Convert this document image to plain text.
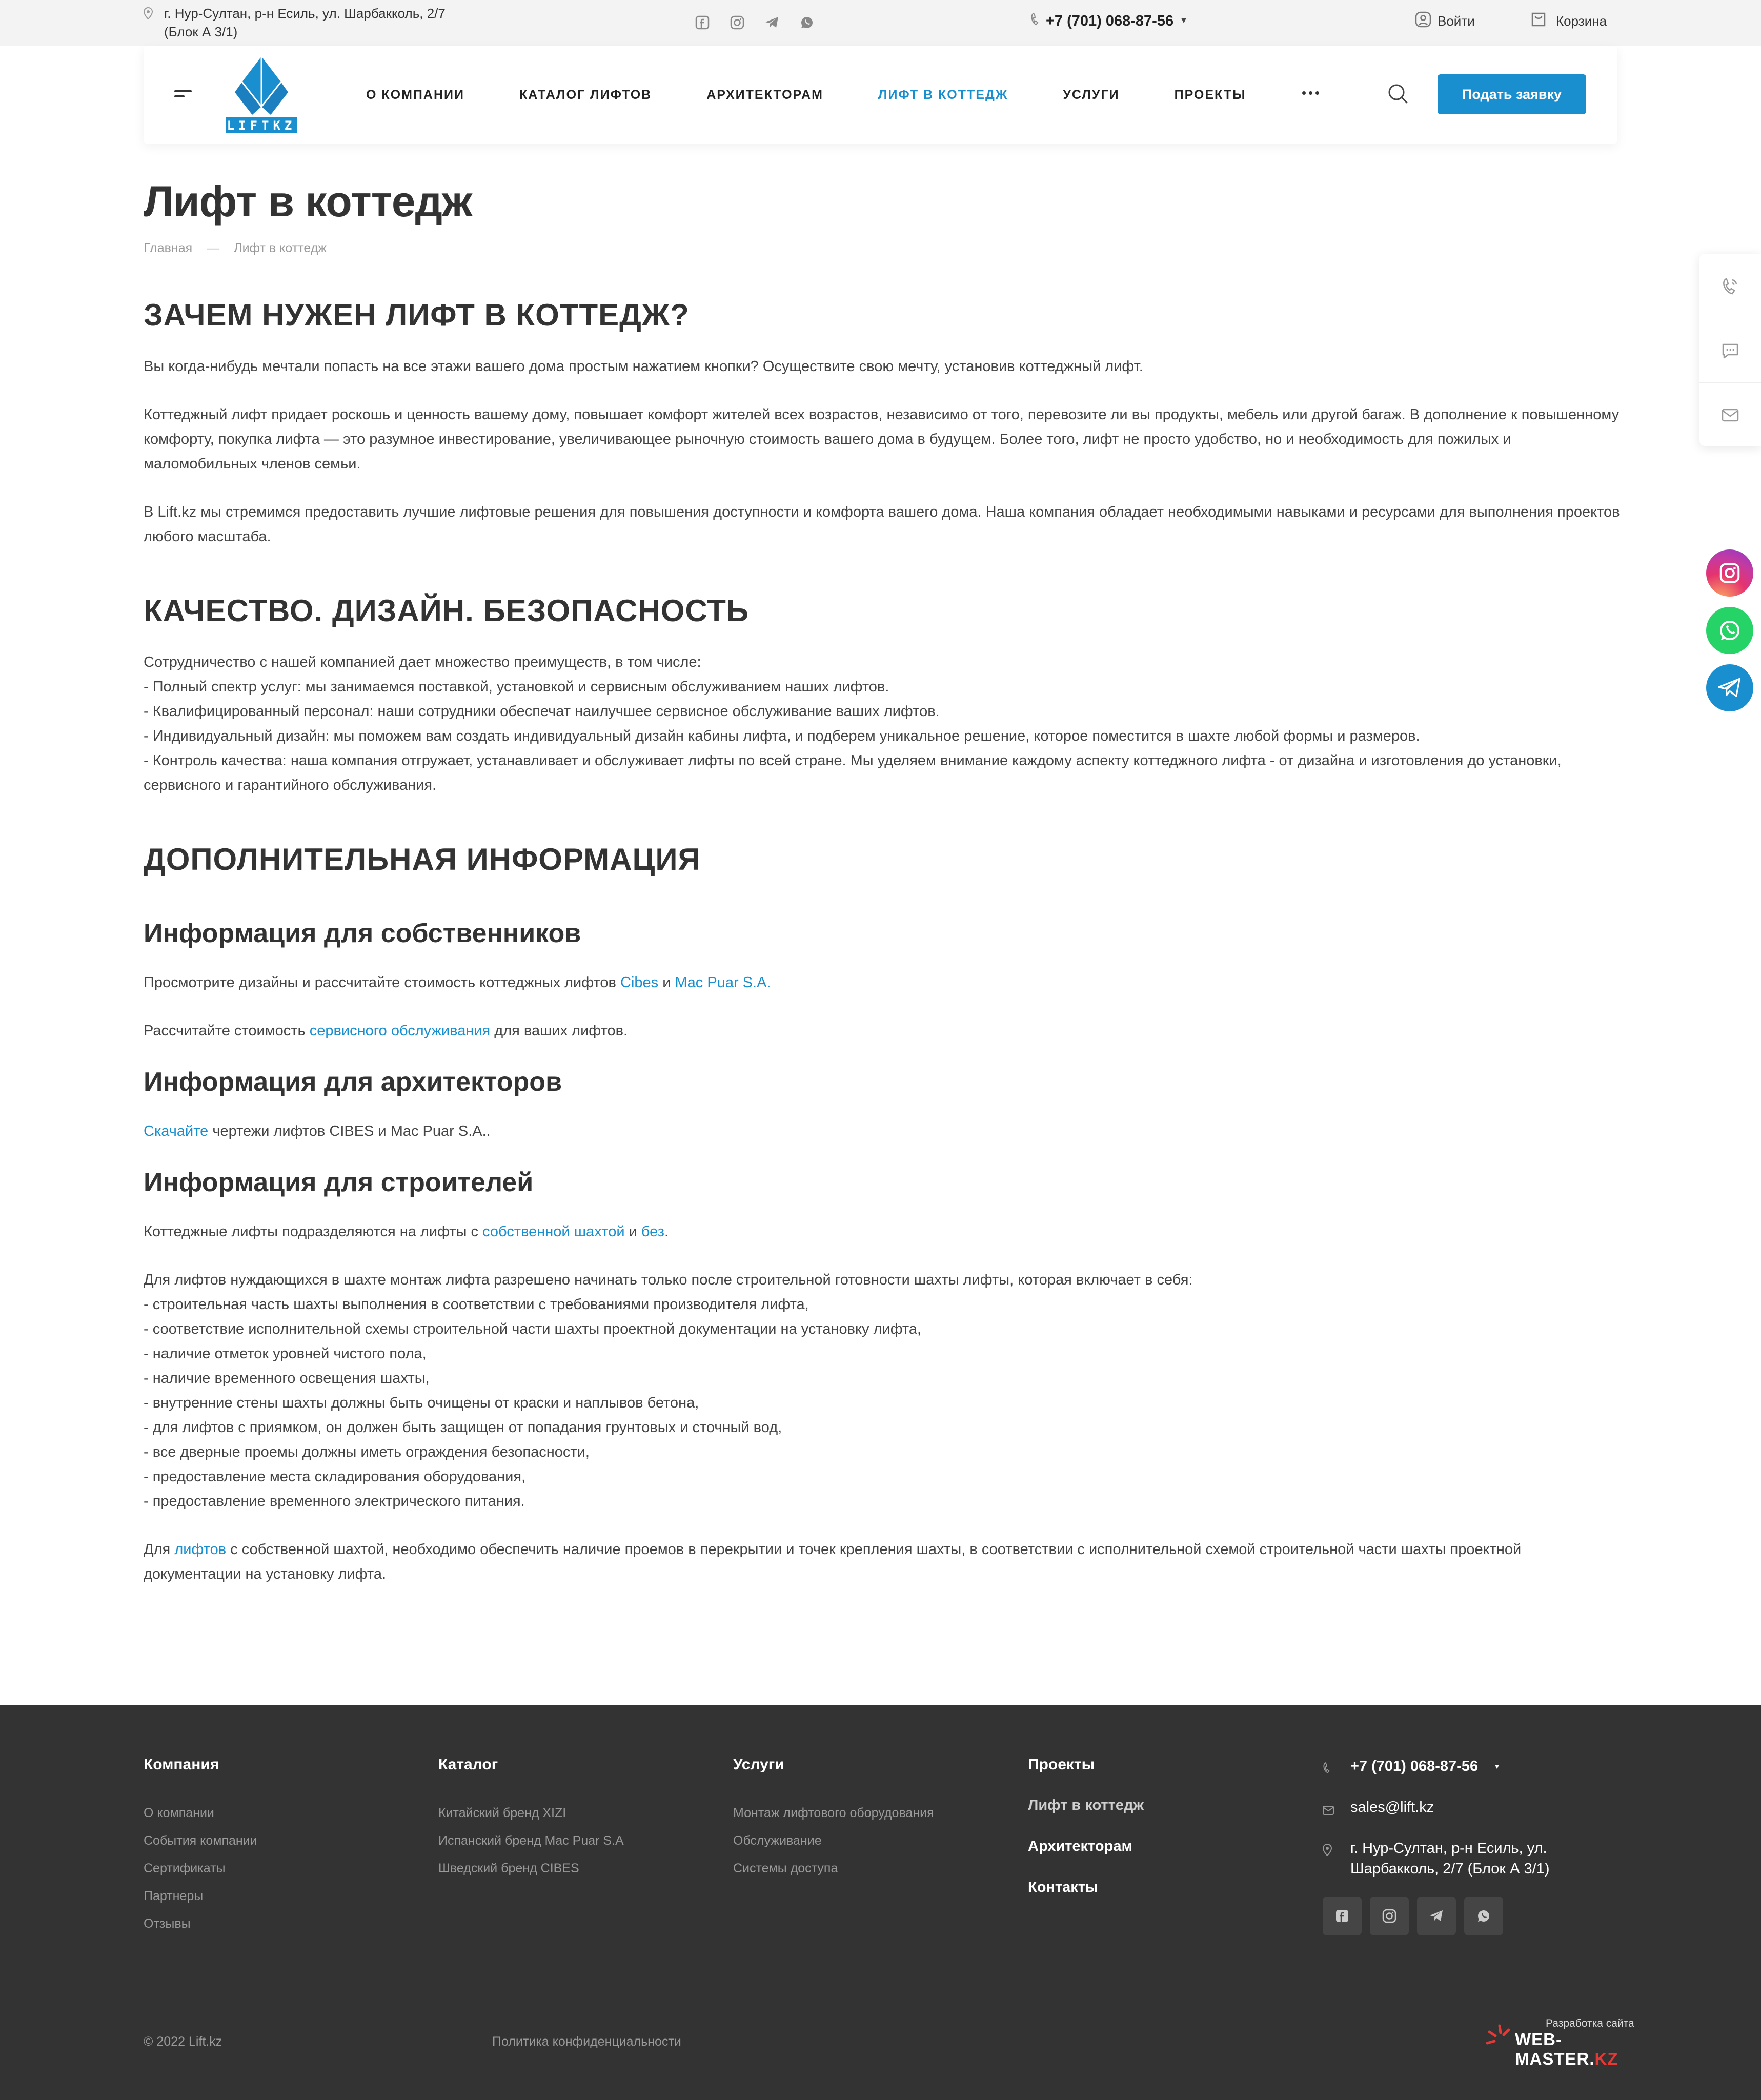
г. Нур-Султан, р-н Есиль, ул. Шарбакколь, 2/7
(Блок А 3/1)
+7 (701) 068-87-56 ▼	Войти	Корзина
LIFTKZ
О КОМПАНИИ	КАТАЛОГ ЛИФТОВ	АРХИТЕКТОРАМ	ЛИФТ В КОТТЕДЖ	УСЛУГИ	ПРОЕКТЫ	Подать заявку
Лифт в коттедж
Главная — Лифт в коттедж
ЗАЧЕМ НУЖЕН ЛИФТ В КОТТЕДЖ?

Вы когда-нибудь мечтали попасть на все этажи вашего дома простым нажатием кнопки? Осуществите свою мечту, установив коттеджный лифт.

Коттеджный лифт придает роскошь и ценность вашему дому, повышает комфорт жителей всех возрастов, независимо от того, перевозите ли вы продукты, мебель или другой багаж. В дополнение к повышенному комфорту, покупка лифта — это разумное инвестирование, увеличивающее рыночную стоимость вашего дома в будущем. Более того, лифт не просто удобство, но и необходимость для пожилых и маломобильных членов семьи.

В Lift.kz мы стремимся предоставить лучшие лифтовые решения для повышения доступности и комфорта вашего дома. Наша компания обладает необходимыми навыками и ресурсами для выполнения проектов любого масштаба.

КАЧЕСТВО. ДИЗАЙН. БЕЗОПАСНОСТЬ
Сотрудничество с нашей компанией дает множество преимуществ, в том числе:
- Полный спектр услуг: мы занимаемся поставкой, установкой и сервисным обслуживанием наших лифтов.
- Квалифицированный персонал: наши сотрудники обеспечат наилучшее сервисное обслуживание ваших лифтов.
- Индивидуальный дизайн: мы поможем вам создать индивидуальный дизайн кабины лифта, и подберем уникальное решение, которое поместится в шахте любой формы и размеров.
- Контроль качества: наша компания отгружает, устанавливает и обслуживает лифты по всей стране. Мы уделяем внимание каждому аспекту коттеджного лифта - от дизайна и изготовления до установки, сервисного и гарантийного обслуживания.
ДОПОЛНИТЕЛЬНАЯ ИНФОРМАЦИЯ
Информация для собственников

Просмотрите дизайны и рассчитайте стоимость коттеджных лифтов Cibes и Mac Puar S.A.

Рассчитайте стоимость сервисного обслуживания для ваших лифтов.

Информация для архитекторов

Скачайте чертежи лифтов CIBES и Mac Puar S.A..

Информация для строителей

Коттеджные лифты подразделяются на лифты с собственной шахтой и без.

Для лифтов нуждающихся в шахте монтаж лифта разрешено начинать только после строительной готовности шахты лифты, которая включает в себя:
- строительная часть шахты выполнения в соответствии с требованиями производителя лифта,
- соответствие исполнительной схемы строительной части шахты проектной документации на установку лифта,
- наличие отметок уровней чистого пола,
- наличие временного освещения шахты,
- внутренние стены шахты должны быть очищены от краски и наплывов бетона,
- для лифтов с приямком, он должен быть защищен от попадания грунтовых и сточный вод,
- все дверные проемы должны иметь ограждения безопасности,
- предоставление места складирования оборудования,
- предоставление временного электрического питания.

Для лифтов с собственной шахтой, необходимо обеспечить наличие проемов в перекрытии и точек крепления шахты, в соответствии с исполнительной схемой строительной части шахты проектной документации на установку лифта.

Компания
О компании
События компании
Сертификаты
Партнеры
Отзывы
Каталог
Китайский бренд XIZI
Испанский бренд Mac Puar S.A
Шведский бренд CIBES
Услуги
Монтаж лифтового оборудования
Обслуживание
Системы доступа
Проекты
Лифт в коттедж
Архитекторам
Контакты
+7 (701) 068-87-56 ▼
sales@lift.kz
г. Нур-Султан, р-н Есиль, ул. Шарбакколь, 2/7 (Блок А 3/1)
© 2022 Lift.kz	Политика конфиденциальности
Разработка сайта
WEB-MASTER.KZ
